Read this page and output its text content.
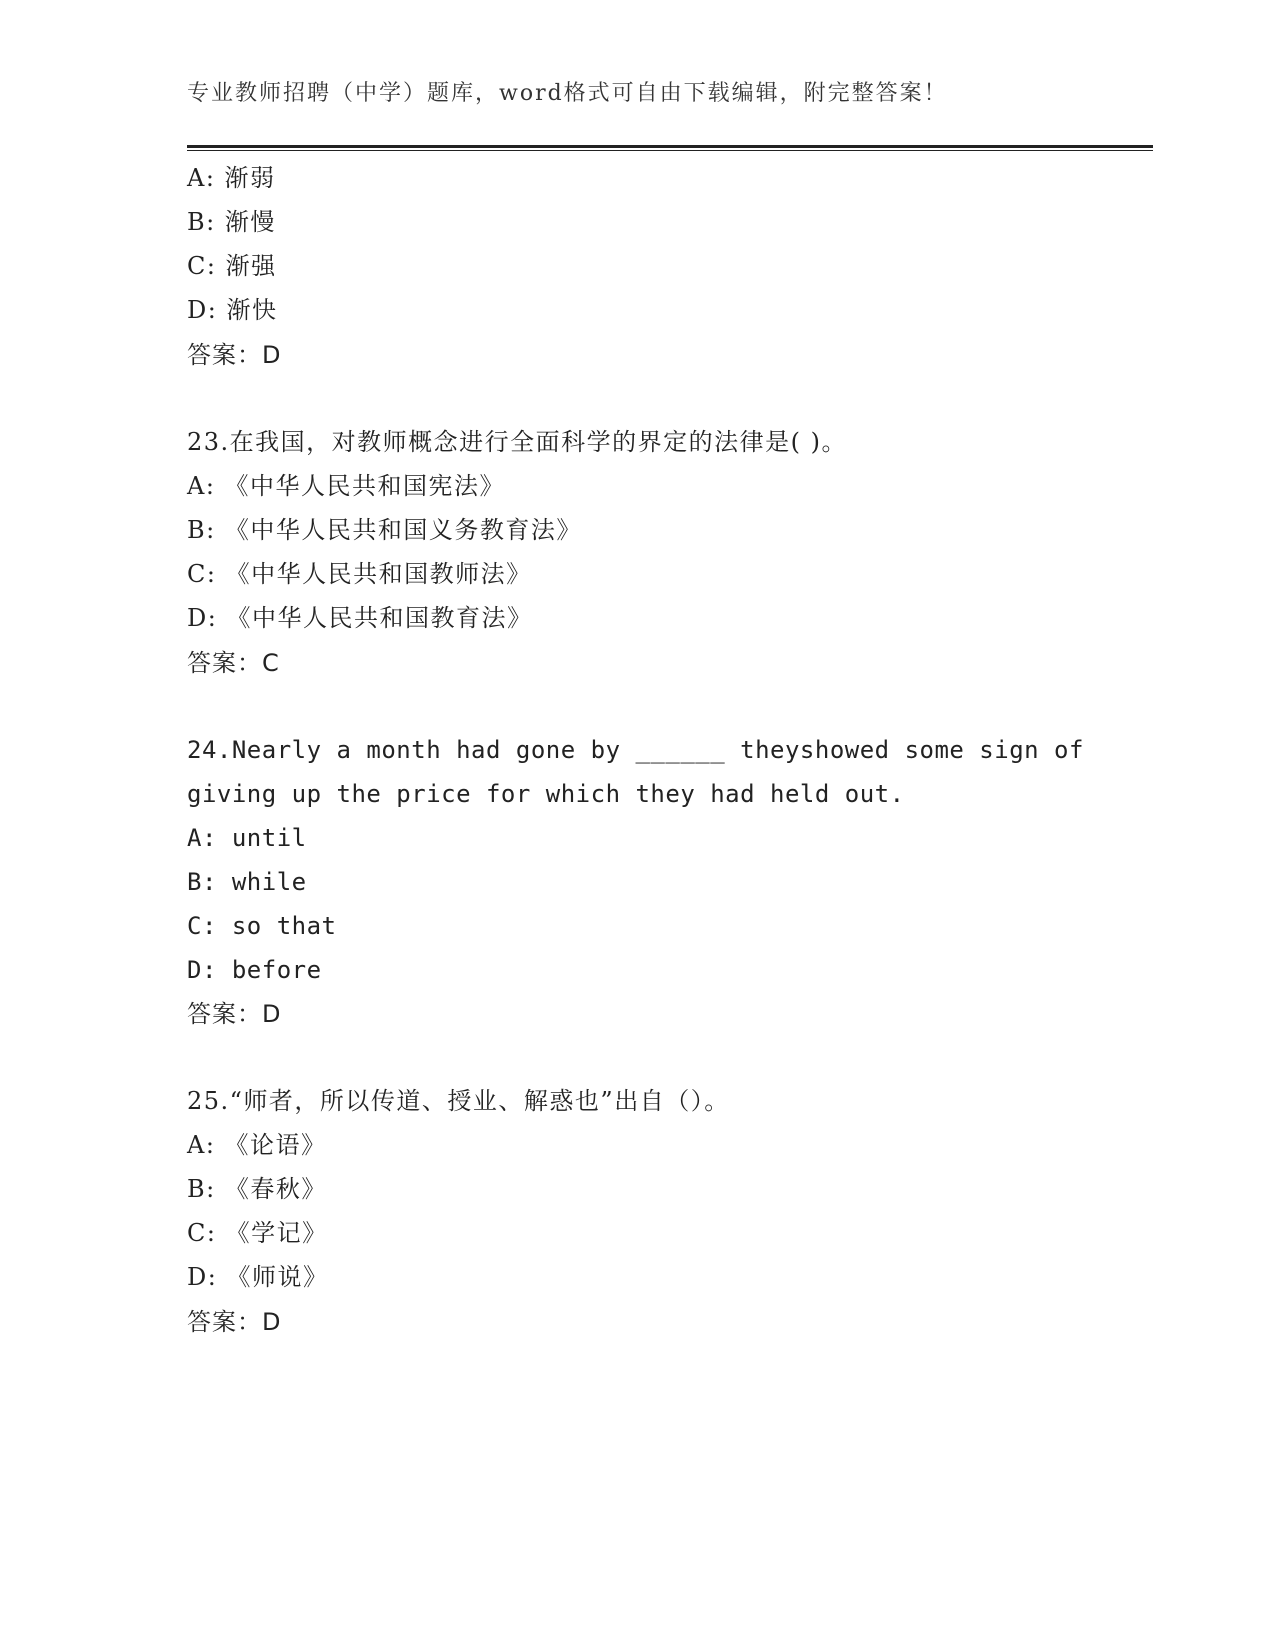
专业教师招聘（中学）题库，word格式可自由下载编辑，附完整答案！
A: 渐弱
B: 渐慢
C: 渐强
D: 渐快
答案：D
23.在我国，对教师概念进行全面科学的界定的法律是( )。
A: 《中华人民共和国宪法》
B: 《中华人民共和国义务教育法》
C: 《中华人民共和国教师法》
D: 《中华人民共和国教育法》
答案：C
24.Nearly a month had gone by ______ theyshowed some sign of
giving up the price for which they had held out.
A: until
B: while
C: so that
D: before
答案：D
25.“师者，所以传道、授业、解惑也”出自（）。
A: 《论语》
B: 《春秋》
C: 《学记》
D: 《师说》
答案：D
